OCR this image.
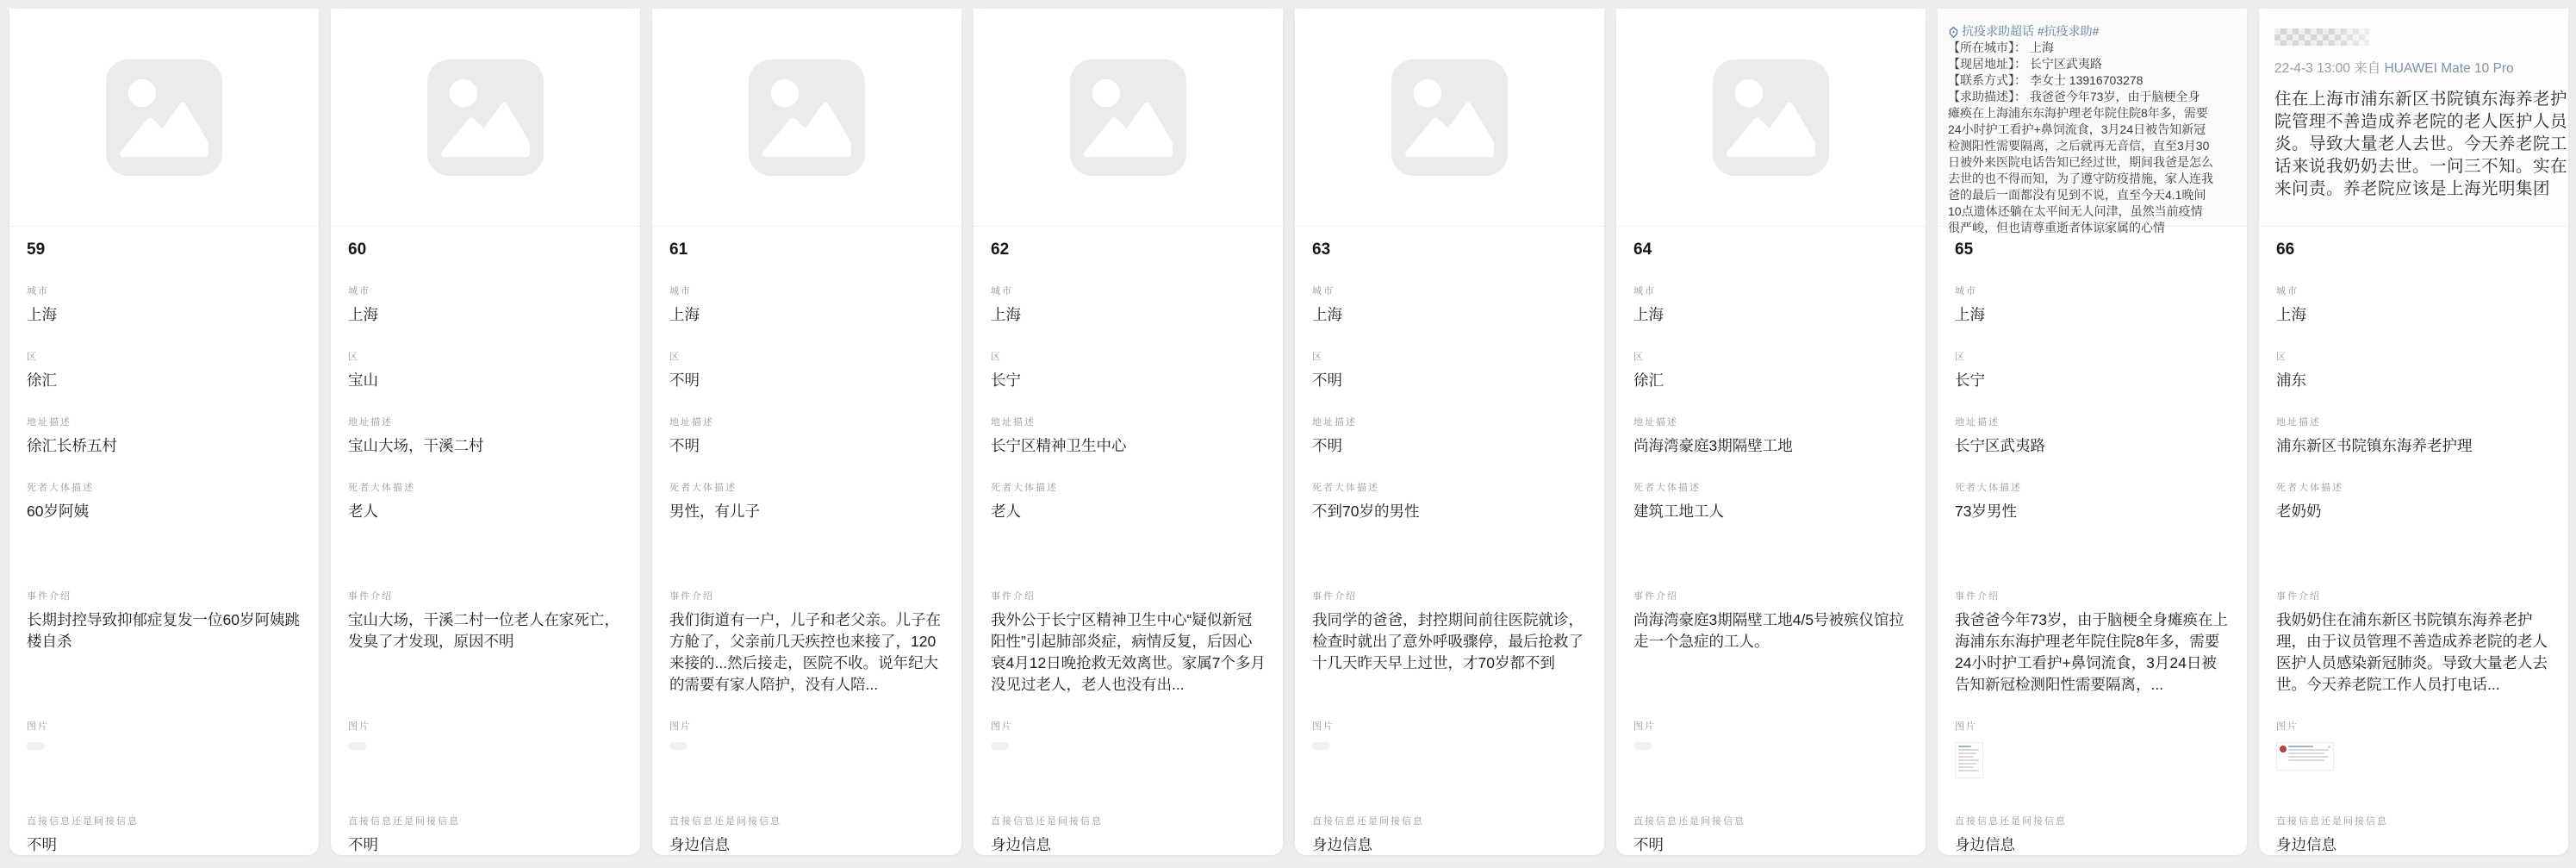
59
城市
上海
区
徐汇
地址描述
徐汇长桥五村
死者大体描述
60岁阿姨
事件介绍
长期封控导致抑郁症复发一位60岁阿姨跳楼自杀
图片
直接信息还是间接信息
不明
60
城市
上海
区
宝山
地址描述
宝山大场，干溪二村
死者大体描述
老人
事件介绍
宝山大场，干溪二村一位老人在家死亡，发臭了才发现，原因不明
图片
直接信息还是间接信息
不明
61
城市
上海
区
不明
地址描述
不明
死者大体描述
男性，有儿子
事件介绍
我们街道有一户，儿子和老父亲。儿子在方舱了，父亲前几天疾控也来接了，120来接的...然后接走，医院不收。说年纪大的需要有家人陪护，没有人陪...
图片
直接信息还是间接信息
身边信息
62
城市
上海
区
长宁
地址描述
长宁区精神卫生中心
死者大体描述
老人
事件介绍
我外公于长宁区精神卫生中心“疑似新冠阳性”引起肺部炎症，病情反复，后因心衰4月12日晚抢救无效离世。家属7个多月没见过老人，老人也没有出...
图片
直接信息还是间接信息
身边信息
63
城市
上海
区
不明
地址描述
不明
死者大体描述
不到70岁的男性
事件介绍
我同学的爸爸，封控期间前往医院就诊，检查时就出了意外呼吸骤停，最后抢救了十几天昨天早上过世，才70岁都不到
图片
直接信息还是间接信息
身边信息
64
城市
上海
区
徐汇
地址描述
尚海湾豪庭3期隔壁工地
死者大体描述
建筑工地工人
事件介绍
尚海湾豪庭3期隔壁工地4/5号被殡仪馆拉走一个急症的工人。
图片
直接信息还是间接信息
不明
抗疫求助超话 #抗疫求助#
【所在城市】： 上海
【现居地址】： 长宁区武夷路
【联系方式】： 李女士 13916703278
【求助描述】： 我爸爸今年73岁，由于脑梗全身
瘫痪在上海浦东东海护理老年院住院8年多，需要
24小时护工看护+鼻饲流食，3月24日被告知新冠
检测阳性需要隔离，之后就再无音信，直至3月30
日被外来医院电话告知已经过世，期间我爸是怎么
去世的也不得而知，为了遵守防疫措施，家人连我
爸的最后一面都没有见到不说，直至今天4.1晚间
10点遗体还躺在太平间无人问津，虽然当前疫情
很严峻，但也请尊重逝者体谅家属的心情
65
城市
上海
区
长宁
地址描述
长宁区武夷路
死者大体描述
73岁男性
事件介绍
我爸爸今年73岁，由于脑梗全身瘫痪在上海浦东东海护理老年院住院8年多，需要24小时护工看护+鼻饲流食，3月24日被告知新冠检测阳性需要隔离，...
图片
直接信息还是间接信息
身边信息
22-4-3 13:00 来自 HUAWEI Mate 10 Pro
住在上海市浦东新区书院镇东海养老护
院管理不善造成养老院的老人医护人员
炎。导致大量老人去世。今天养老院工
话来说我奶奶去世。一问三不知。实在
来问责。养老院应该是上海光明集团
66
城市
上海
区
浦东
地址描述
浦东新区书院镇东海养老护理
死者大体描述
老奶奶
事件介绍
我奶奶住在浦东新区书院镇东海养老护理，由于议员管理不善造成养老院的老人医护人员感染新冠肺炎。导致大量老人去世。今天养老院工作人员打电话...
图片
直接信息还是间接信息
身边信息
